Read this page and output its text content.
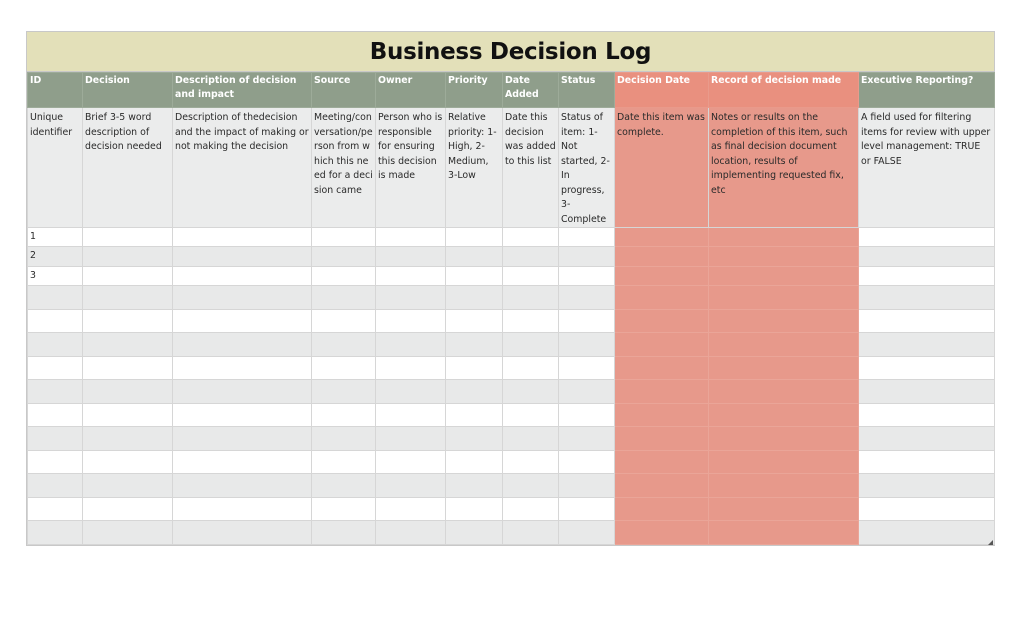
Business Decision Log
ID	Decision	Description of decision and impact	Source	Owner	Priority	Date Added	Status	Decision Date	Record of decision made	Executive Reporting?
Unique identifier	Brief 3-5 word description of decision needed	Description of thedecision and the impact of making or not making the decision	Meeting/conversation/person from which this need for a decision came	Person who is responsible for ensuring this decision is made	Relative priority: 1-High, 2-Medium, 3-Low	Date this decision was added to this list	Status of item: 1-Not started, 2-In progress, 3-Complete	Date this item was complete.	Notes or results on the completion of this item, such as final decision document location, results of implementing requested fix, etc	A field used for filtering items for review with upper level management: TRUE or FALSE
1										
2										
3										
